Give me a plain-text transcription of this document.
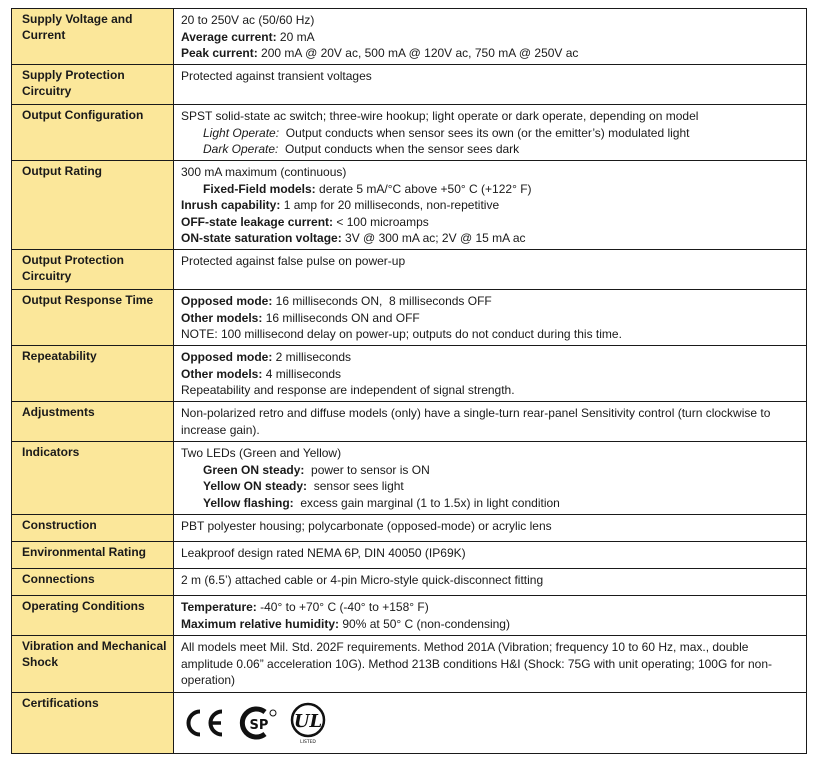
Supply Voltage and Current	20 to 250V ac (50/60 Hz)
Average current: 20 mA
Peak current: 200 mA @ 20V ac, 500 mA @ 120V ac, 750 mA @ 250V ac

Supply Protection Circuitry	Protected against transient voltages

Output Configuration	SPST solid-state ac switch; three-wire hookup; light operate or dark operate, depending on model
Light Operate:  Output conducts when sensor sees its own (or the emitter’s) modulated light
Dark Operate:  Output conducts when the sensor sees dark

Output Rating	300 mA maximum (continuous)
Fixed-Field models: derate 5 mA/°C above +50° C (+122° F)
Inrush capability: 1 amp for 20 milliseconds, non-repetitive
OFF-state leakage current: < 100 microamps
ON-state saturation voltage: 3V @ 300 mA ac; 2V @ 15 mA ac

Output Protection Circuitry	Protected against false pulse on power-up

Output Response Time	Opposed mode: 16 milliseconds ON,  8 milliseconds OFF
Other models: 16 milliseconds ON and OFF
NOTE: 100 millisecond delay on power-up; outputs do not conduct during this time.

Repeatability	Opposed mode: 2 milliseconds
Other models: 4 milliseconds
Repeatability and response are independent of signal strength.

Adjustments	Non-polarized retro and diffuse models (only) have a single-turn rear-panel Sensitivity control (turn clockwise to increase gain).

Indicators	Two LEDs (Green and Yellow)
Green ON steady:  power to sensor is ON
Yellow ON steady:  sensor sees light
Yellow flashing:  excess gain marginal (1 to 1.5x) in light condition

Construction	PBT polyester housing; polycarbonate (opposed-mode) or acrylic lens

Environmental Rating	Leakproof design rated NEMA 6P, DIN 40050 (IP69K)

Connections	2 m (6.5’) attached cable or 4-pin Micro-style quick-disconnect fitting

Operating Conditions	Temperature: -40° to +70° C (-40° to +158° F)
Maximum relative humidity: 90% at 50° C (non-condensing)

Vibration and Mechanical Shock	All models meet Mil. Std. 202F requirements. Method 201A (Vibration; frequency 10 to 60 Hz, max., double amplitude 0.06” acceleration 10G). Method 213B conditions H&I (Shock: 75G with unit operating; 100G for non-operation)

Certifications	SP UL
LISTED
